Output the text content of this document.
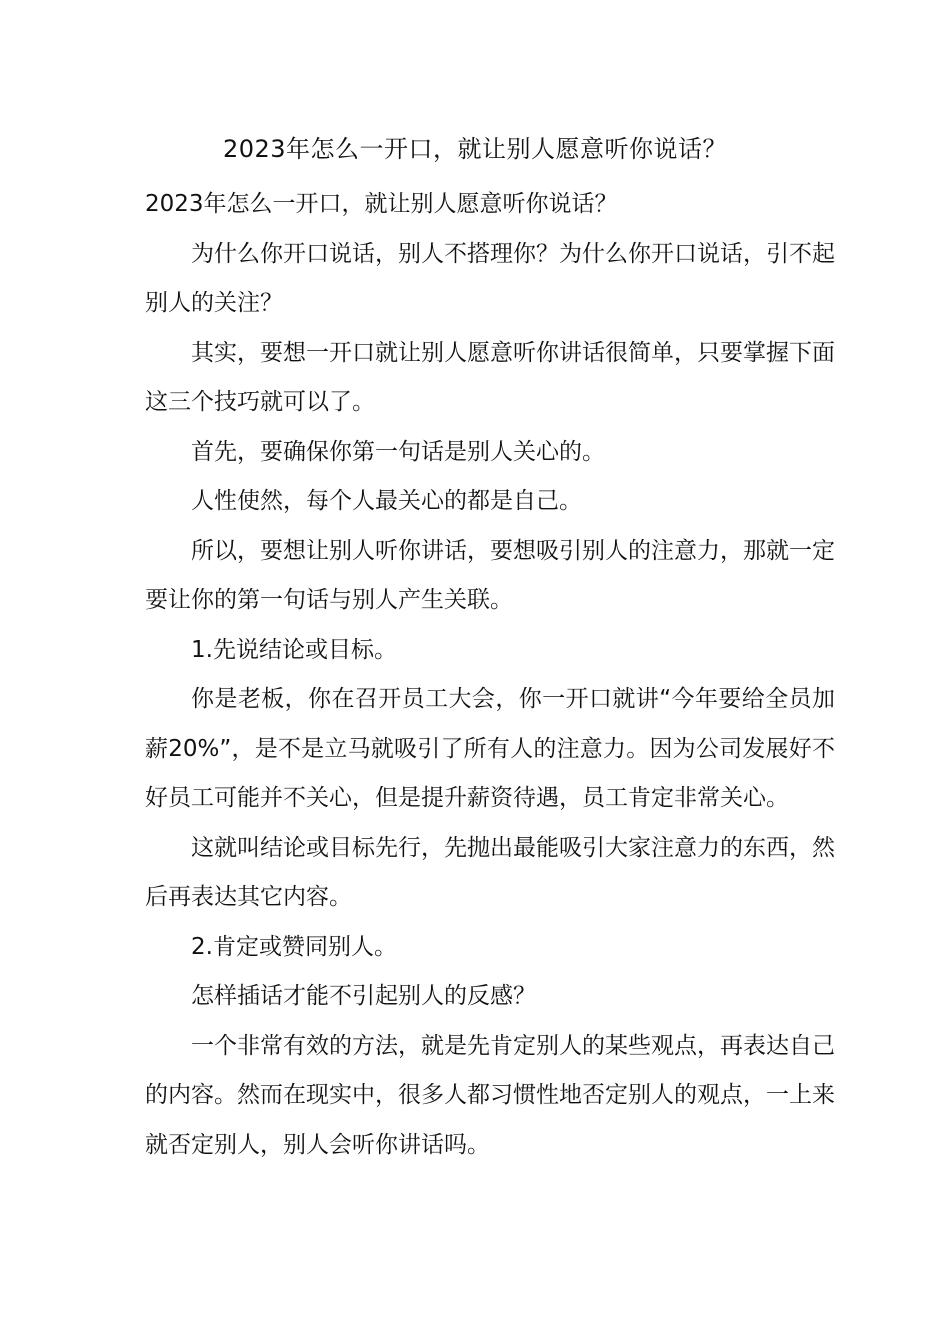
2023年怎么一开口，就让别人愿意听你说话？

2023年怎么一开口，就让别人愿意听你说话？

为什么你开口说话，别人不搭理你？为什么你开口说话，引不起别人的关注？

其实，要想一开口就让别人愿意听你讲话很简单，只要掌握下面这三个技巧就可以了。

首先，要确保你第一句话是别人关心的。

人性使然，每个人最关心的都是自己。

所以，要想让别人听你讲话，要想吸引别人的注意力，那就一定要让你的第一句话与别人产生关联。

1.先说结论或目标。

你是老板，你在召开员工大会，你一开口就讲“今年要给全员加薪20%”，是不是立马就吸引了所有人的注意力。因为公司发展好不好员工可能并不关心，但是提升薪资待遇，员工肯定非常关心。

这就叫结论或目标先行，先抛出最能吸引大家注意力的东西，然后再表达其它内容。

2.肯定或赞同别人。

怎样插话才能不引起别人的反感？

一个非常有效的方法，就是先肯定别人的某些观点，再表达自己的内容。然而在现实中，很多人都习惯性地否定别人的观点，一上来就否定别人，别人会听你讲话吗。
